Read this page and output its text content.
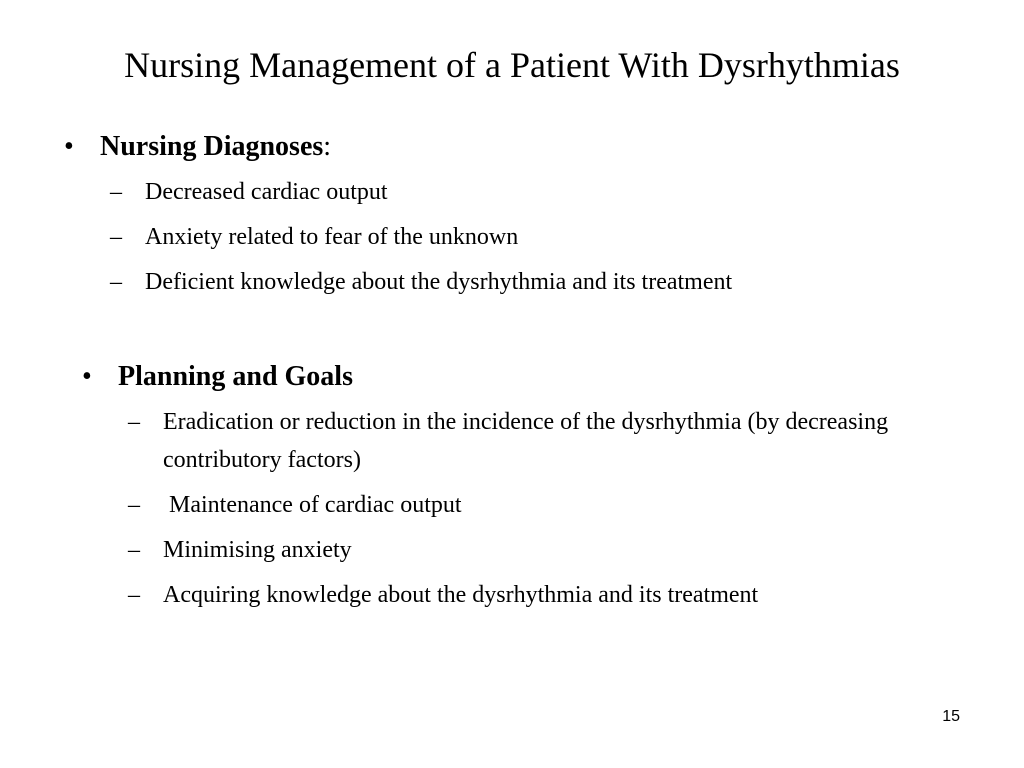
Nursing Management of a Patient With Dysrhythmias
• Nursing Diagnoses:
– Decreased cardiac output
– Anxiety related to fear of the unknown
– Deficient knowledge about the dysrhythmia and its treatment
• Planning and Goals
– Eradication or reduction in the incidence of the dysrhythmia (by decreasing contributory factors)
– Maintenance of cardiac output
– Minimising anxiety
– Acquiring knowledge about the dysrhythmia and its treatment
15
